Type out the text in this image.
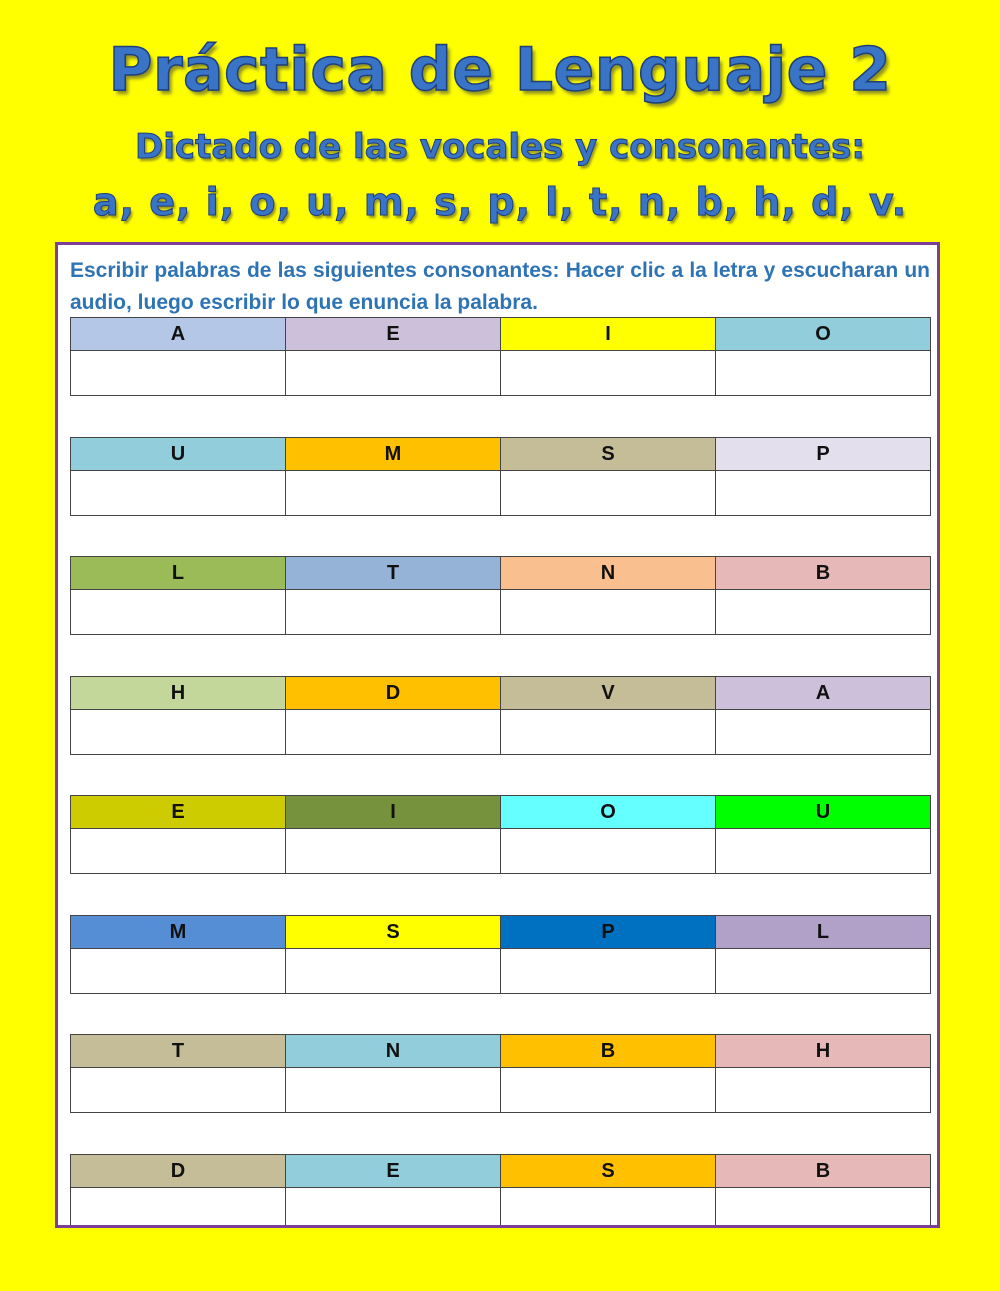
Práctica de Lenguaje 2
Dictado de las vocales y consonantes:
a, e, i, o, u, m, s, p, l, t, n, b, h, d, v.

Escribir palabras de las siguientes consonantes: Hacer clic a la letra y escucharan un audio, luego escribir lo que enuncia la palabra.

A	E	I	O

U	M	S	P

L	T	N	B

H	D	V	A

E	I	O	U

M	S	P	L

T	N	B	H

D	E	S	B
